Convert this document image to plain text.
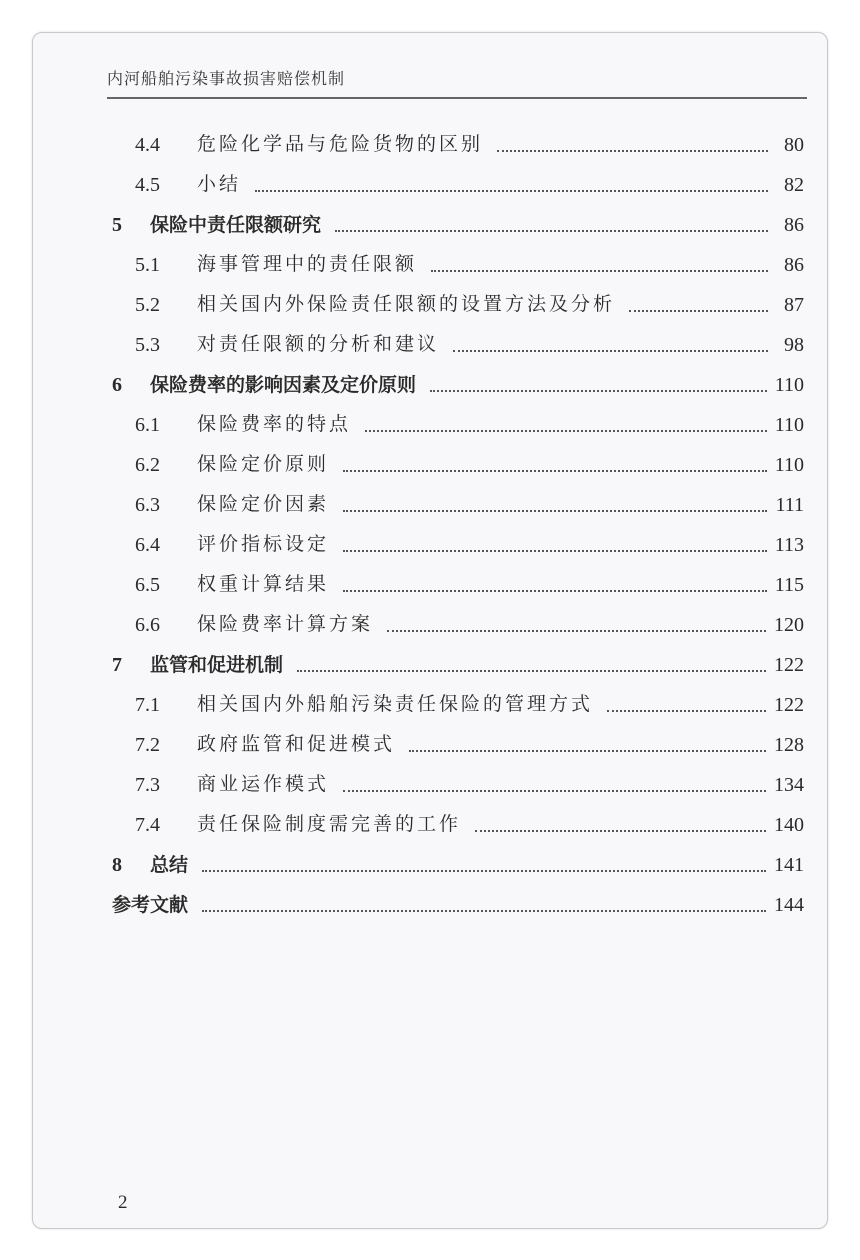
内河船舶污染事故损害赔偿机制
4.4	危险化学品与危险货物的区别	80
4.5	小结	82
5	保险中责任限额研究	86
5.1	海事管理中的责任限额	86
5.2	相关国内外保险责任限额的设置方法及分析	87
5.3	对责任限额的分析和建议	98
6	保险费率的影响因素及定价原则	110
6.1	保险费率的特点	110
6.2	保险定价原则	110
6.3	保险定价因素	111
6.4	评价指标设定	113
6.5	权重计算结果	115
6.6	保险费率计算方案	120
7	监管和促进机制	122
7.1	相关国内外船舶污染责任保险的管理方式	122
7.2	政府监管和促进模式	128
7.3	商业运作模式	134
7.4	责任保险制度需完善的工作	140
8	总结	141
参考文献	144
2
